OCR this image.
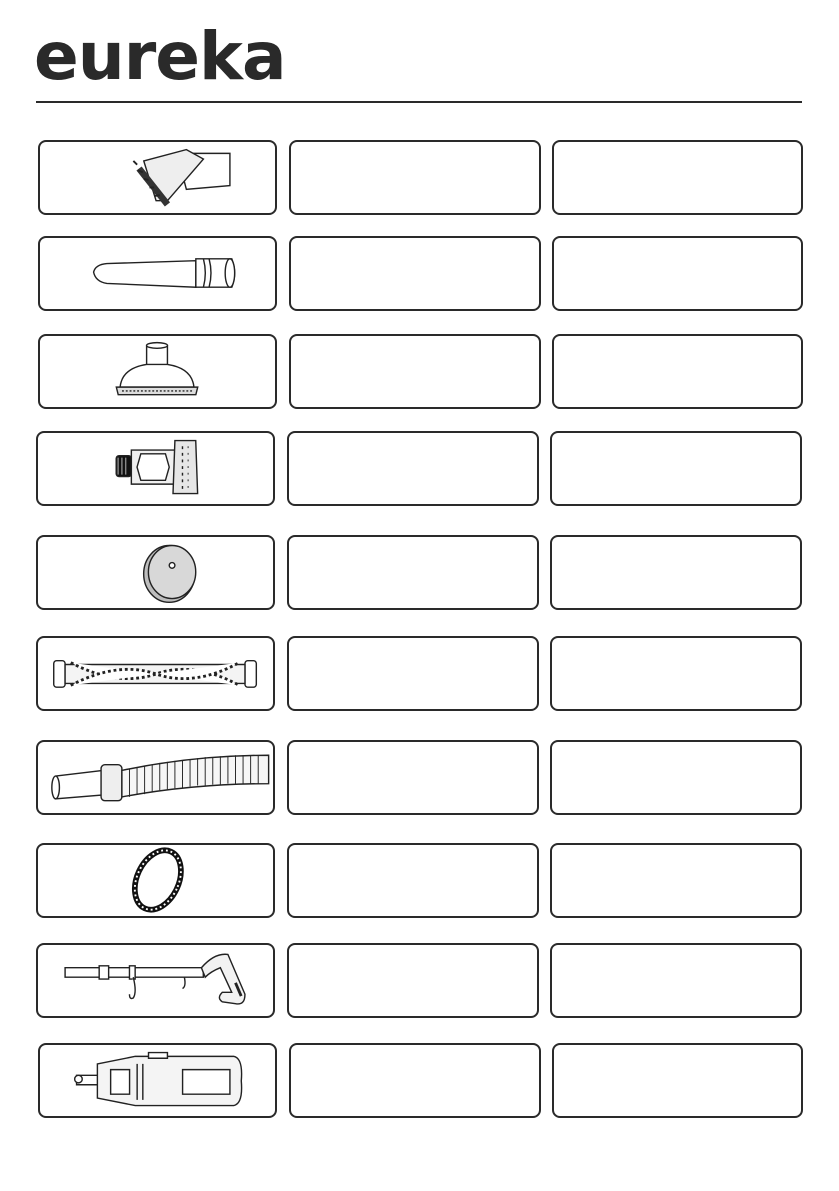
eureka
